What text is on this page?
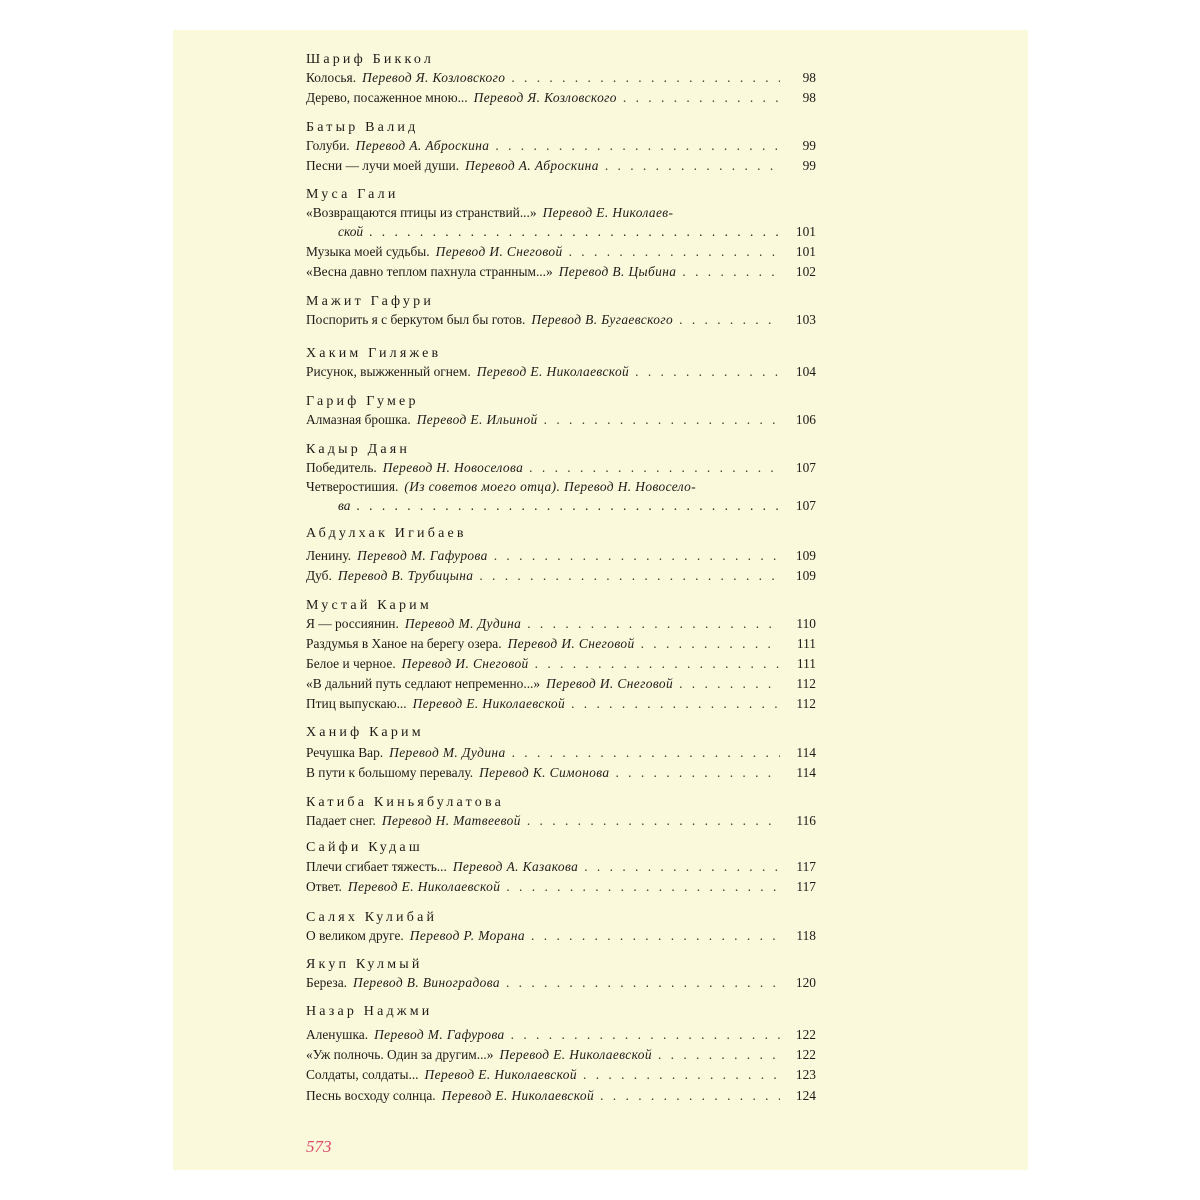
Шариф Биккол
Колосья. Перевод Я. Козловского . . .	98
Дерево, посаженное мною... Перевод Я. Козловского . . .	98
Батыр Валид
Голуби. Перевод А. Аброскина . . .	99
Песни — лучи моей души. Перевод А. Аброскина . . .	99
Муса Гали
«Возвращаются птицы из странствий...» Перевод Е. Николаев-
ской . . .	101
Музыка моей судьбы. Перевод И. Снеговой . . .	101
«Весна давно теплом пахнула странным...» Перевод В. Цыбина . . .	102
Мажит Гафури
Поспорить я с беркутом был бы готов. Перевод В. Бугаевского . . .	103
Хаким Гиляжев
Рисунок, выжженный огнем. Перевод Е. Николаевской . . .	104
Гариф Гумер
Алмазная брошка. Перевод Е. Ильиной . . .	106
Кадыр Даян
Победитель. Перевод Н. Новоселова . . .	107
Четверостишия. (Из советов моего отца). Перевод Н. Новосело-
ва . . .	107
Абдулхак Игибаев
Ленину. Перевод М. Гафурова . . .	109
Дуб. Перевод В. Трубицына . . .	109
Мустай Карим
Я — россиянин. Перевод М. Дудина . . .	110
Раздумья в Ханое на берегу озера. Перевод И. Снеговой . . .	111
Белое и черное. Перевод И. Снеговой . . .	111
«В дальний путь седлают непременно...» Перевод И. Снеговой . . .	112
Птиц выпускаю... Перевод Е. Николаевской . . .	112
Ханиф Карим
Речушка Вар. Перевод М. Дудина . . .	114
В пути к большому перевалу. Перевод К. Симонова . . .	114
Катиба Киньябулатова
Падает снег. Перевод Н. Матвеевой . . .	116
Сайфи Кудаш
Плечи сгибает тяжесть... Перевод А. Казакова . . .	117
Ответ. Перевод Е. Николаевской . . .	117
Салях Кулибай
О великом друге. Перевод Р. Морана . . .	118
Якуп Кулмый
Береза. Перевод В. Виноградова . . .	120
Назар Наджми
Аленушка. Перевод М. Гафурова . . .	122
«Уж полночь. Один за другим...» Перевод Е. Николаевской . . .	122
Солдаты, солдаты... Перевод Е. Николаевской . . .	123
Песнь восходу солнца. Перевод Е. Николаевской . . .	124
573
